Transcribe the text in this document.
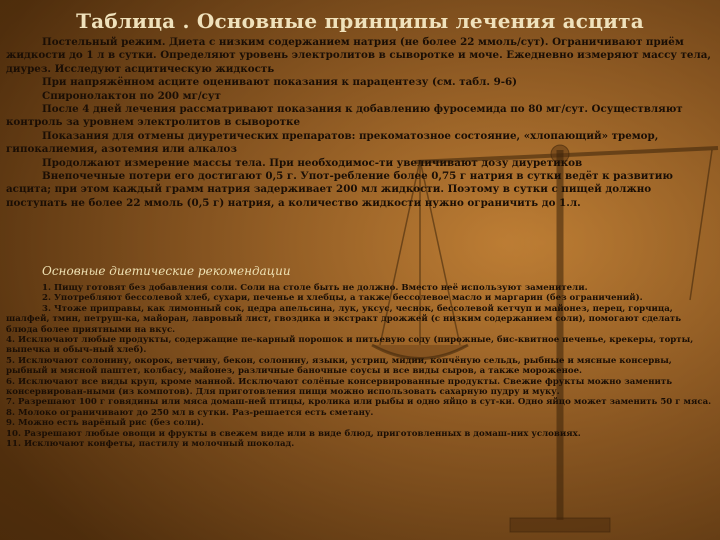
Таблица . Основные принципы лечения асцита

Постельный режим. Диета с низким содержанием натрия (не более 22 ммоль/сут). Ограничивают приём жидкости до 1 л в сутки. Определяют уровень электролитов в сыворотке и моче. Ежедневно измеряют массу тела, диурез. Исследуют асцитическую жидкость

При напряжённом асците оценивают показания к парацентезу (см. табл. 9-6)

Спиронолактон по 200 мг/сут

После 4 дней лечения рассматривают показания к добавлению фуросемида по 80 мг/сут. Осуществляют контроль за уровнем электролитов в сыворотке

Показания для отмены диуретических препаратов: прекоматозное состояние, «хлопающий» тремор, гипокалиемия, азотемия или алкалоз

Продолжают измерение массы тела. При необходимос-ти увеличивают дозу диуретиков

Внепочечные потери его достигают 0,5 г. Упот-ребление более 0,75 г натрия в сутки ведёт к развитию асцита; при этом каждый грамм натрия задерживает 200 мл жидкости. Поэтому в сутки с пищей должно поступать не более 22 ммоль (0,5 г) натрия, а количество жидкости нужно ограничить до 1.л.

Основные диетические рекомендации

1. Пищу готовят без добавления соли. Соли на столе быть не должно. Вместо неё используют заменители.

2. Употребляют бессолевой хлеб, сухари, печенье и хлебцы, а также бессолевое масло и маргарин (без ограничений).

3. Чтоже приправы, как лимонный сок, цедра апельсина, лук, уксус, чеснок, бессолевой кетчуп и майонез, перец, горчица, шалфей, тмин, петруш-ка, майоран, лавровый лист, гвоздика и экстракт дрожжей (с низким содержанием соли), помогают сделать блюда более приятными на вкус.

4. Исключают любые продукты, содержащие пе-карный порошок и питьевую соду (пирожные, бис-квитное печенье, крекеры, торты, выпечка и обыч-ный хлеб).

5. Исключают солонину, окорок, ветчину, бекон, солонину, языки, устриц, мидии, копчёную сельдь, рыбные и мясные консервы, рыбный и мясной паштет, колбасу, майонез, различные баночные соусы и все виды сыров, а также мороженое.

6. Исключают все виды круп, кроме манной. Исключают солёные консервированные продукты. Свежие фрукты можно заменить консервирован-ными (из компотов). Для приготовления пищи можно использовать сахарную пудру и муку.

7. Разрешают 100 г говядины или мяса домаш-ней птицы, кролика или рыбы и одно яйцо в сут-ки. Одно яйцо может заменить 50 г мяса.

8. Молоко ограничивают до 250 мл в сутки. Раз-решается есть сметану.

9. Можно есть варёный рис (без соли).

10. Разрешают любые овощи и фрукты в свежем виде или в виде блюд, приготовленных в домаш-них условиях.

11. Исключают конфеты, пастилу и молочный шоколад.
